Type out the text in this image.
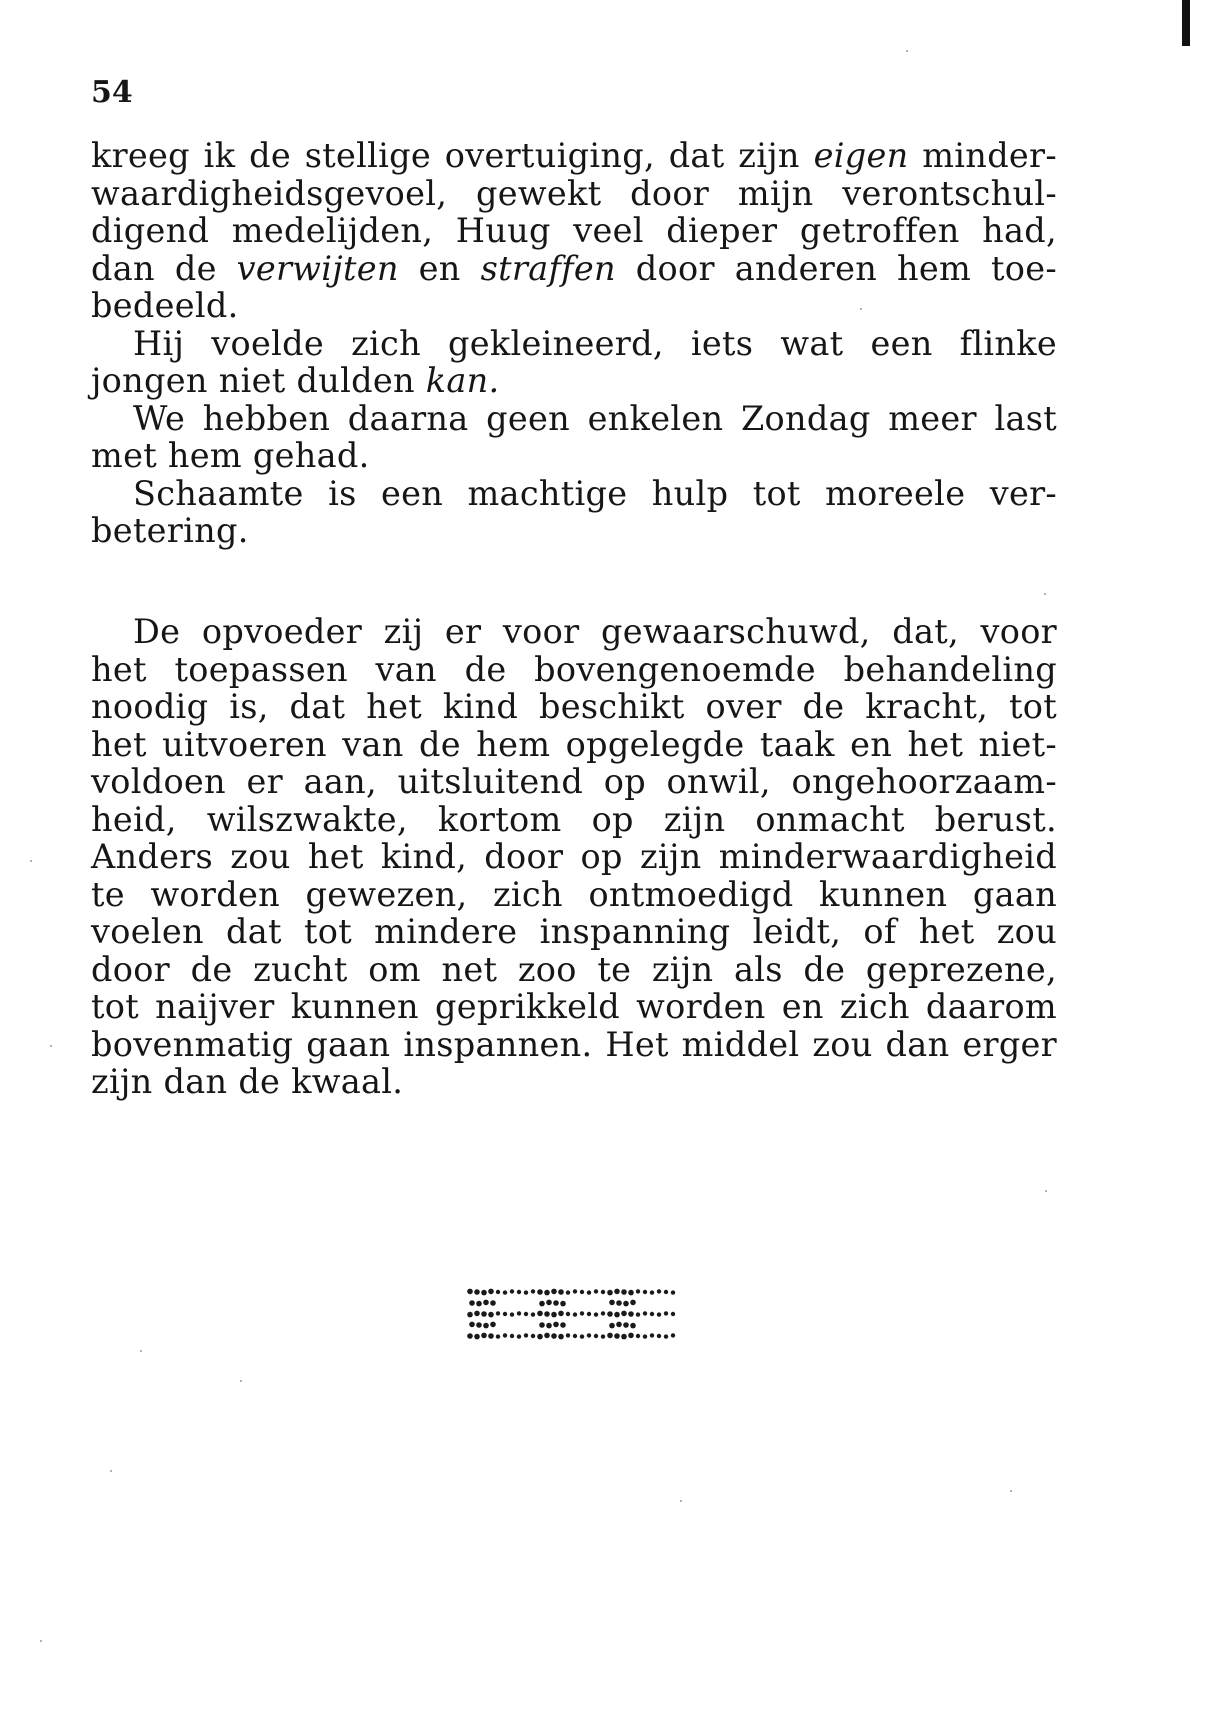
54
kreeg ik de stellige overtuiging, dat zijn eigen minder-
waardigheidsgevoel, gewekt door mijn verontschul-
digend medelijden, Huug veel dieper getroffen had,
dan de verwijten en straffen door anderen hem toe-
bedeeld.
Hij voelde zich gekleineerd, iets wat een flinke
jongen niet dulden kan.
We hebben daarna geen enkelen Zondag meer last
met hem gehad.
Schaamte is een machtige hulp tot moreele ver-
betering.
De opvoeder zij er voor gewaarschuwd, dat, voor
het toepassen van de bovengenoemde behandeling
noodig is, dat het kind beschikt over de kracht, tot
het uitvoeren van de hem opgelegde taak en het niet-
voldoen er aan, uitsluitend op onwil, ongehoorzaam-
heid, wilszwakte, kortom op zijn onmacht berust.
Anders zou het kind, door op zijn minderwaardigheid
te worden gewezen, zich ontmoedigd kunnen gaan
voelen dat tot mindere inspanning leidt, of het zou
door de zucht om net zoo te zijn als de geprezene,
tot naijver kunnen geprikkeld worden en zich daarom
bovenmatig gaan inspannen. Het middel zou dan erger
zijn dan de kwaal.
